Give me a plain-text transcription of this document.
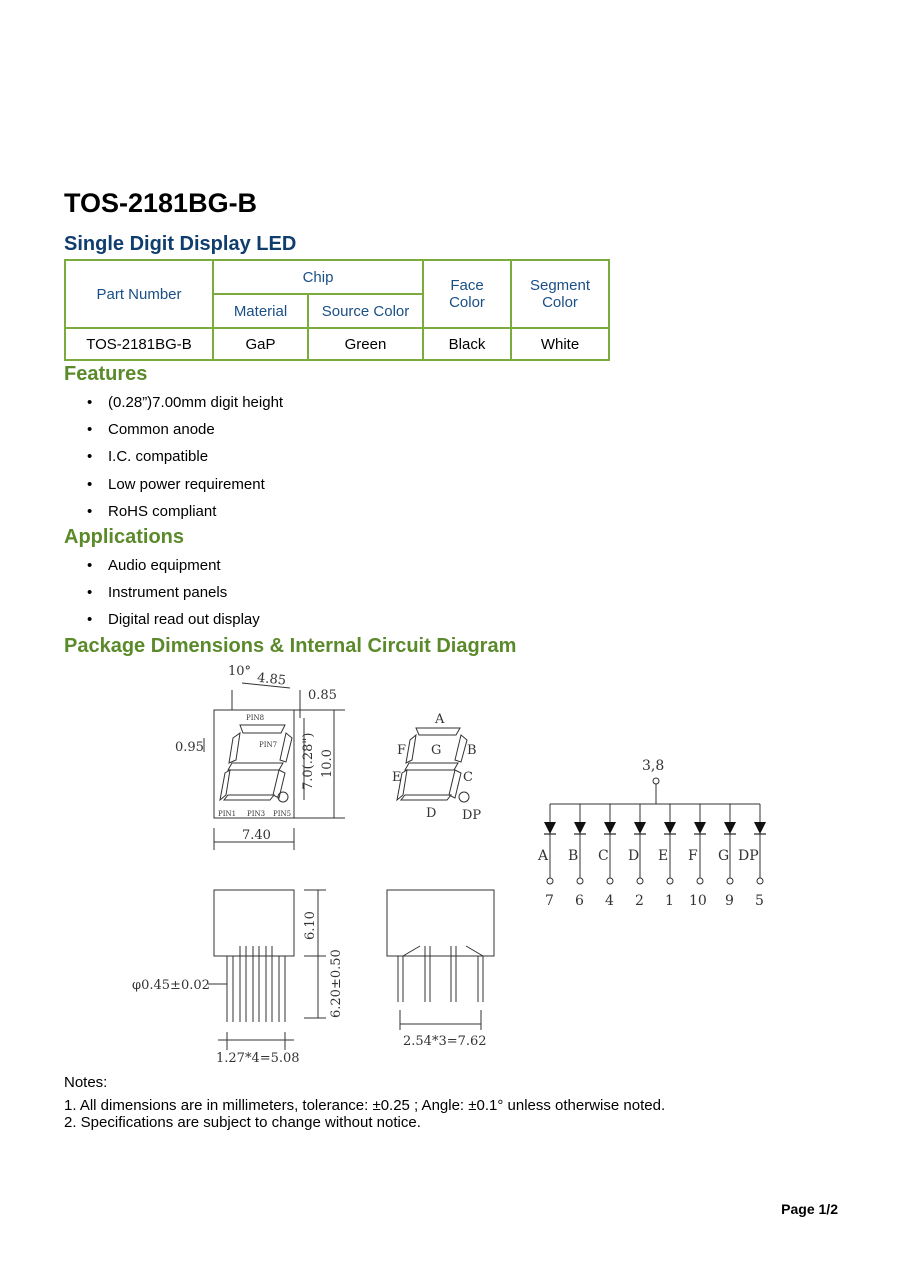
TOS-2181BG-B
Single Digit Display LED
Part Number	Chip		Face Color	Segment Color
	Material	Source Color		
TOS-2181BG-B	GaP	Green	Black	White
Features
• (0.28”)7.00mm digit height
• Common anode
• I.C. compatible
• Low power requirement
• RoHS compliant
Applications
• Audio equipment
• Instrument panels
• Digital read out display
Package Dimensions & Internal Circuit Diagram
10° 4.85
0.85
0.95	7.0(.28") 10.0
7.40
PIN8
PIN7
PIN1 PIN3 PIN5
A
B
C
D
E
F G
DP
6.10
6.20±0.50
φ0.45±0.02
1.27*4=5.08
2.54*3=7.62
3,8
A B C D E F G DP
7 6 4 2 1 10 9 5
Notes:
1. All dimensions are in millimeters, tolerance: ±0.25 ; Angle: ±0.1° unless otherwise noted.
2. Specifications are subject to change without notice.
Page 1/2
